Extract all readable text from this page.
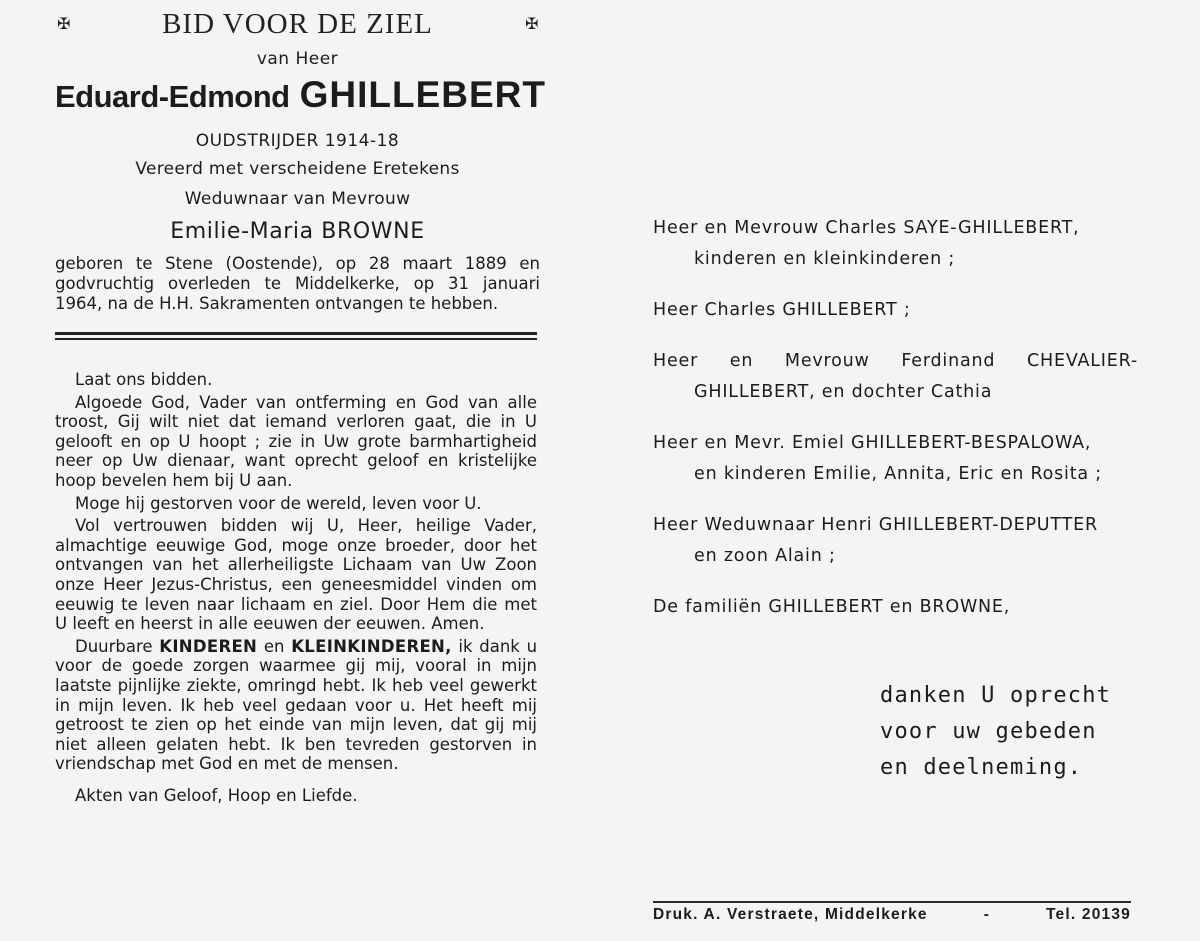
✠	✠
BID VOOR DE ZIEL
van Heer
Eduard-Edmond GHILLEBERT
OUDSTRIJDER 1914-18
Vereerd met verscheidene Eretekens
Weduwnaar van Mevrouw
Emilie-Maria BROWNE
geboren te Stene (Oostende), op 28 maart 1889 en godvruchtig overleden te Middelkerke, op 31 januari 1964, na de H.H. Sakramenten ontvangen te hebben.

Laat ons bidden.

Algoede God, Vader van ontferming en God van alle troost, Gij wilt niet dat iemand verloren gaat, die in U gelooft en op U hoopt ; zie in Uw grote barmhartigheid neer op Uw dienaar, want oprecht geloof en kristelijke hoop bevelen hem bij U aan.

Moge hij gestorven voor de wereld, leven voor U.

Vol vertrouwen bidden wij U, Heer, heilige Vader, almachtige eeuwige God, moge onze broeder, door het ontvangen van het allerheiligste Lichaam van Uw Zoon onze Heer Jezus-Christus, een geneesmiddel vinden om eeuwig te leven naar lichaam en ziel. Door Hem die met U leeft en heerst in alle eeuwen der eeuwen. Amen.

Duurbare KINDEREN en KLEINKINDEREN, ik dank u voor de goede zorgen waarmee gij mij, vooral in mijn laatste pijnlijke ziekte, omringd hebt. Ik heb veel gewerkt in mijn leven. Ik heb veel gedaan voor u. Het heeft mij getroost te zien op het einde van mijn leven, dat gij mij niet alleen gelaten hebt. Ik ben tevreden gestorven in vriendschap met God en met de mensen.

Akten van Geloof, Hoop en Liefde.

Heer en Mevrouw Charles SAYE-GHILLEBERT,
kinderen en kleinkinderen ;
Heer Charles GHILLEBERT ;
Heer en Mevrouw Ferdinand CHEVALIER-
GHILLEBERT, en dochter Cathia
Heer en Mevr. Emiel GHILLEBERT-BESPALOWA,
en kinderen Emilie, Annita, Eric en Rosita ;
Heer Weduwnaar Henri GHILLEBERT-DEPUTTER
en zoon Alain ;
De familiën GHILLEBERT en BROWNE,
danken U oprecht
voor uw gebeden
en deelneming.
Druk. A. Verstraete, Middelkerke	-	Tel. 20139
